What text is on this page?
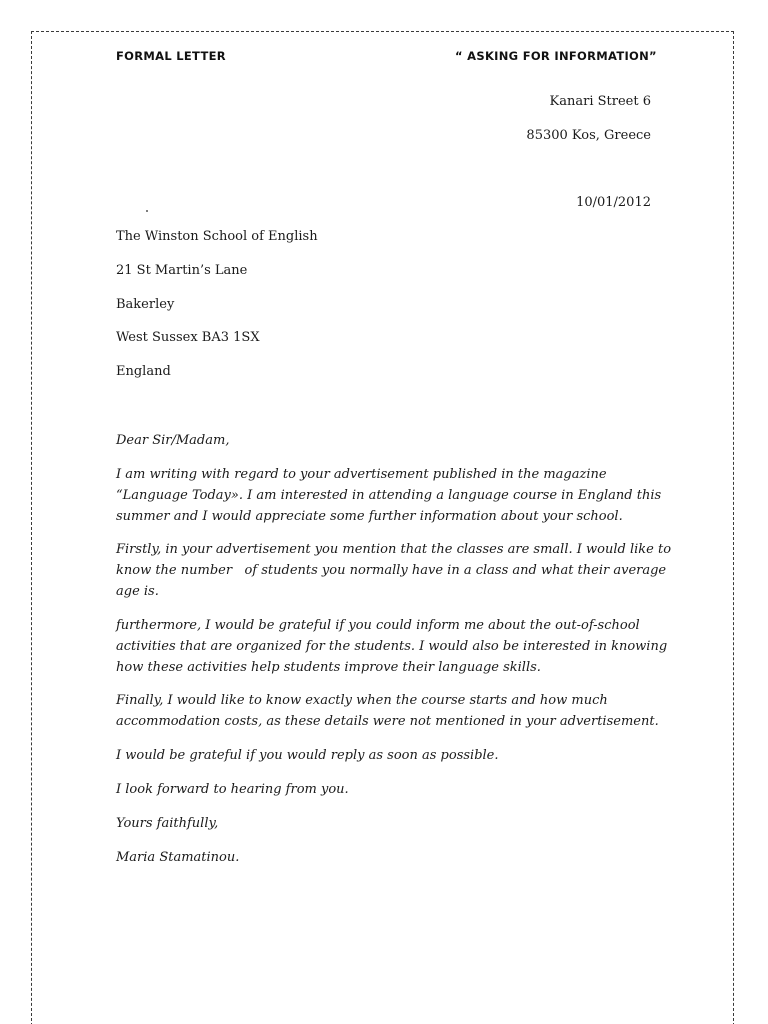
FORMAL LETTER	“ ASKING FOR INFORMATION”
Kanari Street 6
85300 Kos, Greece
10/01/2012
The Winston School of English
21 St Martin’s Lane
Bakerley
West Sussex BA3 1SX
England

Dear Sir/Madam,

I am writing with regard to your advertisement published in the magazine
“Language Today». I am interested in attending a language course in England this
summer and I would appreciate some further information about your school.

Firstly, in your advertisement you mention that the classes are small. I would like to
know the number   of students you normally have in a class and what their average
age is.

furthermore, I would be grateful if you could inform me about the out-of-school
activities that are organized for the students. I would also be interested in knowing
how these activities help students improve their language skills.

Finally, I would like to know exactly when the course starts and how much
accommodation costs, as these details were not mentioned in your advertisement.

I would be grateful if you would reply as soon as possible.

I look forward to hearing from you.

Yours faithfully,

Maria Stamatinou.
